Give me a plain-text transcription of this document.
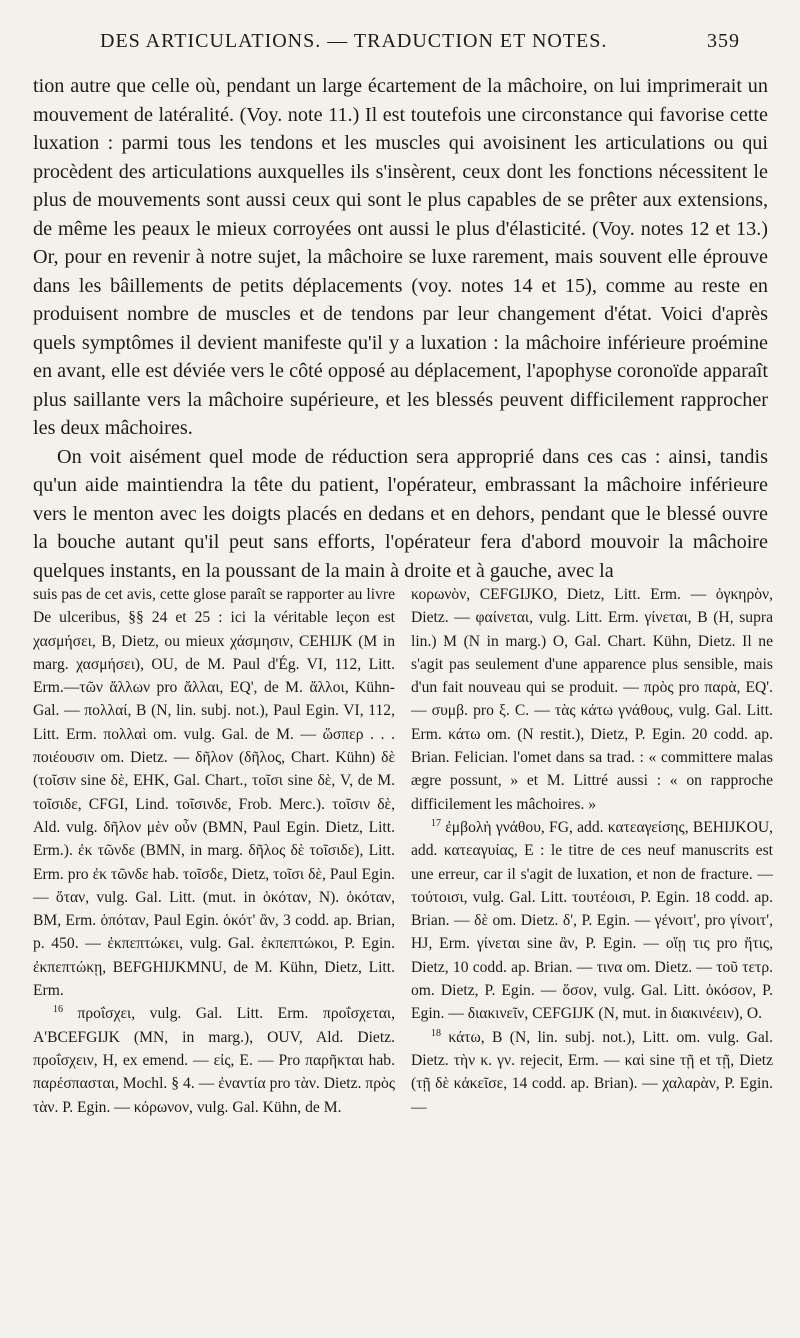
DES ARTICULATIONS. — TRADUCTION ET NOTES.	359

tion autre que celle où, pendant un large écartement de la mâchoire, on lui imprimerait un mouvement de latéralité. (Voy. note 11.) Il est toutefois une circonstance qui favorise cette luxation : parmi tous les tendons et les muscles qui avoisinent les articulations ou qui procèdent des articulations auxquelles ils s'insèrent, ceux dont les fonctions nécessitent le plus de mouvements sont aussi ceux qui sont le plus capables de se prêter aux extensions, de même les peaux le mieux corroyées ont aussi le plus d'élasticité. (Voy. notes 12 et 13.) Or, pour en revenir à notre sujet, la mâchoire se luxe rarement, mais souvent elle éprouve dans les bâillements de petits déplacements (voy. notes 14 et 15), comme au reste en produisent nombre de muscles et de tendons par leur changement d'état. Voici d'après quels symptômes il devient manifeste qu'il y a luxation : la mâchoire inférieure proémine en avant, elle est déviée vers le côté opposé au déplacement, l'apophyse coronoïde apparaît plus saillante vers la mâchoire supérieure, et les blessés peuvent difficilement rapprocher les deux mâchoires.

On voit aisément quel mode de réduction sera approprié dans ces cas : ainsi, tandis qu'un aide maintiendra la tête du patient, l'opérateur, embrassant la mâchoire inférieure vers le menton avec les doigts placés en dedans et en dehors, pendant que le blessé ouvre la bouche autant qu'il peut sans efforts, l'opérateur fera d'abord mouvoir la mâchoire quelques instants, en la poussant de la main à droite et à gauche, avec la

suis pas de cet avis, cette glose paraît se rapporter au livre De ulceribus, §§ 24 et 25 : ici la véritable leçon est χασμήσει, B, Dietz, ou mieux χάσμησιν, CEHIJK (M in marg. χασμήσει), OU, de M. Paul d'Ég. VI, 112, Litt. Erm.—τῶν ἄλλων pro ἄλλαι, EQ', de M. ἄλλοι, Kühn-Gal. — πολλαί, B (N, lin. subj. not.), Paul Egin. VI, 112, Litt. Erm. πολλαὶ om. vulg. Gal. de M. — ὥσπερ . . . ποιέουσιν om. Dietz. — δῆλον (δῆλος, Chart. Kühn) δὲ (τοῖσιν sine δὲ, EHK, Gal. Chart., τοῖσι sine δὲ, V, de M. τοῖσιδε, CFGI, Lind. τοῖσινδε, Frob. Merc.). τοῖσιν δὲ, Ald. vulg. δῆλον μὲν οὖν (BMN, Paul Egin. Dietz, Litt. Erm.). ἐκ τῶνδε (BMN, in marg. δῆλος δὲ τοῖσιδε), Litt. Erm. pro ἐκ τῶνδε hab. τοῖσδε, Dietz, τοῖσι δὲ, Paul Egin. — ὅταν, vulg. Gal. Litt. (mut. in ὁκόταν, N). ὁκόταν, BM, Erm. ὁπόταν, Paul Egin. ὁκότ' ἂν, 3 codd. ap. Brian, p. 450. — ἐκπεπτώκει, vulg. Gal. ἐκπεπτώκοι, P. Egin. ἐκπεπτώκῃ, BEFGHIJKMNU, de M. Kühn, Dietz, Litt. Erm.

$^{16}$ προΐσχει, vulg. Gal. Litt. Erm. προΐσχεται, A'BCEFGIJK (MN, in marg.), OUV, Ald. Dietz. προΐσχειν, H, ex emend. — εἰς, E. — Pro παρῆκται hab. παρέσπασται, Mochl. § 4. — ἐναντία pro τὰν. Dietz. πρὸς τὰν. P. Egin. — κόρωνον, vulg. Gal. Kühn, de M.

κορωνὸν, CEFGIJKO, Dietz, Litt. Erm. — ὀγκηρὸν, Dietz. — φαίνεται, vulg. Litt. Erm. γίνεται, B (H, supra lin.) M (N in marg.) O, Gal. Chart. Kühn, Dietz. Il ne s'agit pas seulement d'une apparence plus sensible, mais d'un fait nouveau qui se produit. — πρὸς pro παρὰ, EQ'. — συμβ. pro ξ. C. — τὰς κάτω γνάθους, vulg. Gal. Litt. Erm. κάτω om. (N restit.), Dietz, P. Egin. 20 codd. ap. Brian. Felician. l'omet dans sa trad. : « committere malas ægre possunt, » et M. Littré aussi : « on rapproche difficilement les mâchoires. »

$^{17}$ ἐμβολὴ γνάθου, FG, add. κατεαγείσης, BEHIJKOU, add. κατεαγυίας, E : le titre de ces neuf manuscrits est une erreur, car il s'agit de luxation, et non de fracture. — τούτοισι, vulg. Gal. Litt. τουτέοισι, P. Egin. 18 codd. ap. Brian. — δὲ om. Dietz. δ', P. Egin. — γένοιτ', pro γίνοιτ', HJ, Erm. γίνεται sine ἂν, P. Egin. — οἵῃ τις pro ἥτις, Dietz, 10 codd. ap. Brian. — τινα om. Dietz. — τοῦ τετρ. om. Dietz, P. Egin. — ὅσον, vulg. Gal. Litt. ὁκόσον, P. Egin. — διακινεῖν, CEFGIJK (N, mut. in διακινέειν), O.

$^{18}$ κάτω, B (N, lin. subj. not.), Litt. om. vulg. Gal. Dietz. τὴν κ. γν. rejecit, Erm. — καὶ sine τῇ et τῇ, Dietz (τῇ δὲ κἀκεῖσε, 14 codd. ap. Brian). — χαλαρὰν, P. Egin. —
